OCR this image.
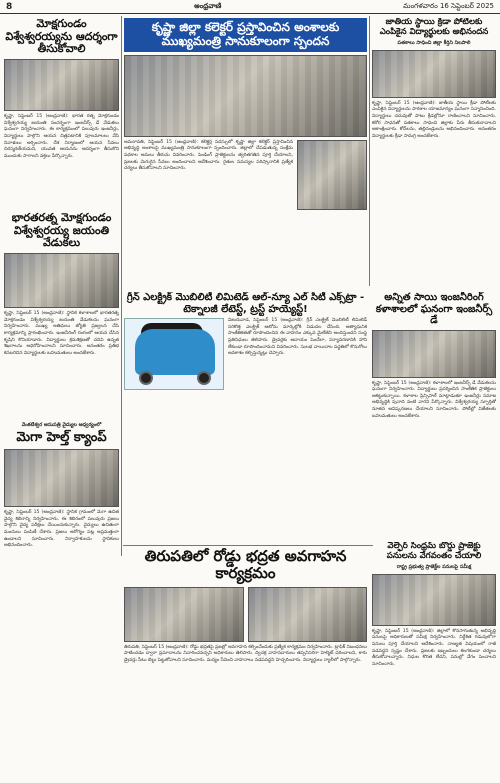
8	అంధ్రవాణి	మంగళవారం 16 సెప్టెంబర్ 2025
మోక్షగుండం విశ్వేశ్వరయ్యను ఆదర్శంగా తీసుకోవాలి
కృష్ణా, సెప్టెంబర్ 15 (ఆంధ్రవాణి): భారత రత్న మోక్షగుండం విశ్వేశ్వరయ్య జయంతి సందర్భంగా ఇంజనీర్స్ డే వేడుకలు ఘనంగా నిర్వహించారు. ఈ కార్యక్రమంలో పలువురు ఇంజనీర్లు, విద్యార్థులు పాల్గొని ఆయన చిత్రపటానికి పూలమాలలు వేసి నివాళులు అర్పించారు. దేశ నిర్మాణంలో ఆయన సేవలు చిరస్మరణీయమని, యువత ఆయనను ఆదర్శంగా తీసుకొని ముందుకు సాగాలని వక్తలు పేర్కొన్నారు.
భారతరత్న మోక్షగుండం విశ్వేశ్వరయ్య జయంతి వేడుకలు
కృష్ణా, సెప్టెంబర్ 15 (ఆంధ్రవాణి): స్థానిక కళాశాలలో భారతరత్న మోక్షగుండం విశ్వేశ్వరయ్య జయంతి వేడుకలను ఘనంగా నిర్వహించారు. ముఖ్య అతిథులు జ్యోతి ప్రజ్వలన చేసి కార్యక్రమాన్ని ప్రారంభించారు. ఇంజనీరింగ్ రంగంలో ఆయన చేసిన కృషిని కొనియాడారు. విద్యార్థులు క్రమశిక్షణతో చదివి ఉన్నత శిఖరాలను అధిరోహించాలని సూచించారు. అనంతరం ప్రతిభ కనబరిచిన విద్యార్థులకు బహుమతులు అందజేశారు.
వెంకటేశ్వర ఆసుపత్రి వైద్యుల ఆధ్వర్యంలో
మెగా హెల్త్ క్యాంప్
కృష్ణా, సెప్టెంబర్ 15 (ఆంధ్రవాణి): స్థానిక గ్రామంలో మెగా ఉచిత వైద్య శిబిరాన్ని నిర్వహించారు. ఈ శిబిరంలో పలువురు ప్రజలు పాల్గొని వైద్య పరీక్షలు చేయించుకున్నారు. వైద్యులు ఉచితంగా మందులు పంపిణీ చేశారు. ప్రజలు ఆరోగ్యం పట్ల అప్రమత్తంగా ఉండాలని సూచించారు. నిర్వాహకులను స్థానికులు అభినందించారు.
కృష్ణా జిల్లా కలెక్టర్ ప్రస్తావించిన అంశాలకు ముఖ్యమంత్రి సానుకూలంగా స్పందన
అమరావతి, సెప్టెంబర్ 15 (ఆంధ్రవాణి): కలెక్టర్ల సదస్సులో కృష్ణా జిల్లా కలెక్టర్ ప్రస్తావించిన అభివృద్ధి అంశాలపై ముఖ్యమంత్రి సానుకూలంగా స్పందించారు. జిల్లాలో చేపడుతున్న సంక్షేమ పథకాల అమలు తీరును వివరించారు. పెండింగ్ ప్రాజెక్టులను త్వరితగతిన పూర్తి చేయాలని, ప్రజలకు మెరుగైన సేవలు అందించాలని ఆదేశించారు. రైతుల సమస్యల పరిష్కారానికి ప్రత్యేక చర్యలు తీసుకోవాలని సూచించారు.
గ్రీన్ ఎలక్ట్రిక్ మొబిలిటీ లిమిటెడ్ ఆల్-న్యూ ఎల్ సిటీ ఎక్స్‌ట్రా - టెక్నాలజీ లేటెస్ట్, ట్రస్ట్ హయ్యెస్ట్!
విజయవాడ, సెప్టెంబర్ 15 (ఆంధ్రవాణి): గ్రీన్ ఎలక్ట్రిక్ మొబిలిటీ లిమిటెడ్ సరికొత్త ఎలక్ట్రిక్ ఆటోను మార్కెట్లోకి విడుదల చేసింది. అత్యాధునిక సాంకేతికతతో రూపొందించిన ఈ వాహనం ఎక్కువ మైలేజీని అందిస్తుందని సంస్థ ప్రతినిధులు తెలిపారు. డ్రైవర్లకు ఆదాయం పెంచేలా, పర్యావరణానికి హాని లేకుండా రూపొందించామని వివరించారు. సులభ వాయిదాల పద్ధతిలో కొనుగోలు అవకాశం కల్పిస్తున్నట్లు చెప్పారు.
జాతీయ స్థాయి క్రీడా పోటీలకు ఎంపికైన విద్యార్థులకు అభినందన
పతకాలు సాధించి జిల్లా కీర్తిని నిలపాలి
కృష్ణా, సెప్టెంబర్ 15 (ఆంధ్రవాణి): జాతీయ స్థాయి క్రీడా పోటీలకు ఎంపికైన విద్యార్థులను పాఠశాల యాజమాన్యం ఘనంగా సన్మానించింది. విద్యార్థులు చదువుతో పాటు క్రీడల్లోనూ రాణించాలని సూచించారు. కఠోర సాధనతో పతకాలు సాధించి జిల్లాకు పేరు తీసుకురావాలని ఆకాంక్షించారు. కోచ్‌లను, తల్లిదండ్రులను అభినందించారు. అనంతరం విద్యార్థులకు క్రీడా సామగ్రి అందజేశారు.
అన్నిత సాయి ఇంజనీరింగ్ కళాశాలలో ఘనంగా ఇంజనీర్స్ డే
కృష్ణా, సెప్టెంబర్ 15 (ఆంధ్రవాణి): కళాశాలలో ఇంజనీర్స్ డే వేడుకలను ఘనంగా నిర్వహించారు. విద్యార్థులు ప్రదర్శించిన సాంకేతిక ప్రాజెక్టులు ఆకట్టుకున్నాయి. కళాశాల ప్రిన్సిపాల్ మాట్లాడుతూ ఇంజనీర్లు సమాజ అభివృద్ధికి పునాది వంటి వారని పేర్కొన్నారు. విశ్వేశ్వరయ్య స్ఫూర్తితో నూతన ఆవిష్కరణలు చేయాలని సూచించారు. పోటీల్లో విజేతలకు బహుమతులు అందజేశారు.
తిరుపతిలో రోడ్డు భద్రత అవగాహన కార్యక్రమం
తిరుపతి, సెప్టెంబర్ 15 (ఆంధ్రవాణి): రోడ్డు భద్రతపై ప్రజల్లో అవగాహన కల్పించేందుకు ప్రత్యేక కార్యక్రమం నిర్వహించారు. ట్రాఫిక్ నిబంధనలు పాటించడం ద్వారా ప్రమాదాలను నివారించవచ్చని అధికారులు తెలిపారు. ద్విచక్ర వాహనదారులు తప్పనిసరిగా హెల్మెట్ ధరించాలని, కారు డ్రైవర్లు సీటు బెల్టు పెట్టుకోవాలని సూచించారు. మద్యం సేవించి వాహనాలు నడపవద్దని హెచ్చరించారు. విద్యార్థులు ర్యాలీలో పాల్గొన్నారు.
వెల్ఫేర్ సింధ్రమ్ బోర్డు ప్రాజెక్టు పనులను వేగవంతం చేయాలి
రాష్ట్ర ప్రభుత్వ ప్రాజెక్ట్‌ల పనులపై సమీక్ష
కృష్ణా, సెప్టెంబర్ 15 (ఆంధ్రవాణి): జిల్లాలో కొనసాగుతున్న అభివృద్ధి పనులపై అధికారులతో సమీక్ష నిర్వహించారు. నిర్దేశిత గడువులోగా పనులు పూర్తి చేయాలని ఆదేశించారు. నాణ్యత విషయంలో రాజీ పడవద్దని స్పష్టం చేశారు. ప్రజలకు ఇబ్బందులు కలగకుండా చర్యలు తీసుకోవాలన్నారు. నిధుల కొరత లేదని, పనుల్లో వేగం పెంచాలని సూచించారు.
